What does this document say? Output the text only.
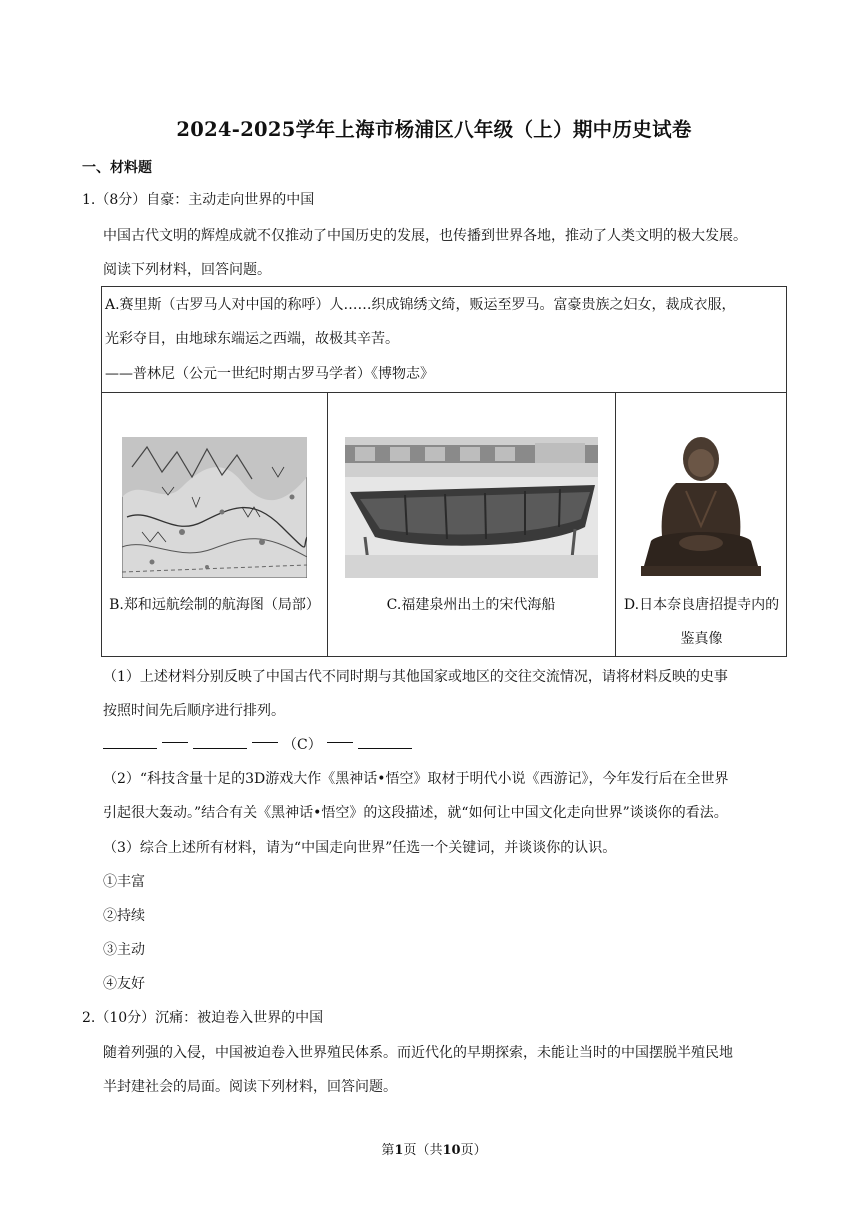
2024-2025学年上海市杨浦区八年级（上）期中历史试卷
一、材料题
1.（8分）自豪：主动走向世界的中国
中国古代文明的辉煌成就不仅推动了中国历史的发展，也传播到世界各地，推动了人类文明的极大发展。
阅读下列材料，回答问题。
A.赛里斯（古罗马人对中国的称呼）人……织成锦绣文绮，贩运至罗马。富豪贵族之妇女，裁成衣服，
光彩夺目，由地球东端运之西端，故极其辛苦。
——普林尼（公元一世纪时期古罗马学者）《博物志》
B.郑和远航绘制的航海图（局部）	C.福建泉州出土的宋代海船	D.日本奈良唐招提寺内的
鉴真像
（1）上述材料分别反映了中国古代不同时期与其他国家或地区的交往交流情况，请将材料反映的史事
按照时间先后顺序进行排列。
（C）
（2）“科技含量十足的3D游戏大作《黑神话•悟空》取材于明代小说《西游记》，今年发行后在全世界
引起很大轰动。”结合有关《黑神话•悟空》的这段描述，就“如何让中国文化走向世界”谈谈你的看法。
（3）综合上述所有材料，请为“中国走向世界”任选一个关键词，并谈谈你的认识。
①丰富
②持续
③主动
④友好
2.（10分）沉痛：被迫卷入世界的中国
随着列强的入侵，中国被迫卷入世界殖民体系。而近代化的早期探索，未能让当时的中国摆脱半殖民地
半封建社会的局面。阅读下列材料，回答问题。
第1页（共10页）
